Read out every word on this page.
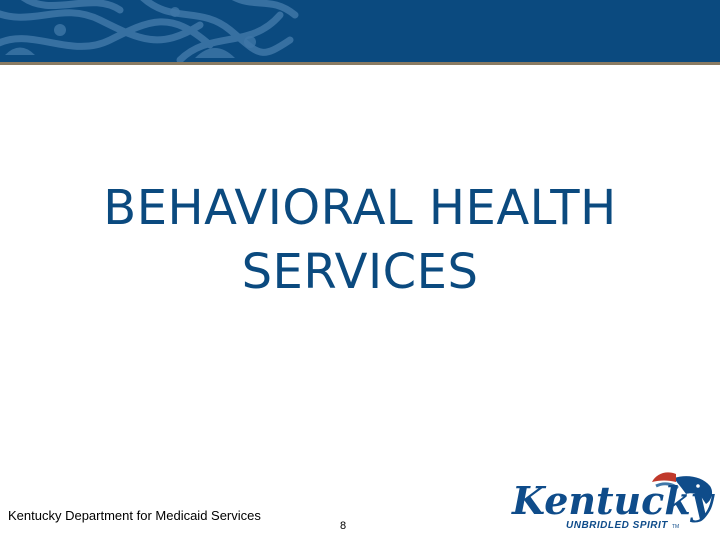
BEHAVIORAL HEALTH
SERVICES
Kentucky Department for Medicaid Services
8
Kentucky
UNBRIDLED SPIRIT TM
